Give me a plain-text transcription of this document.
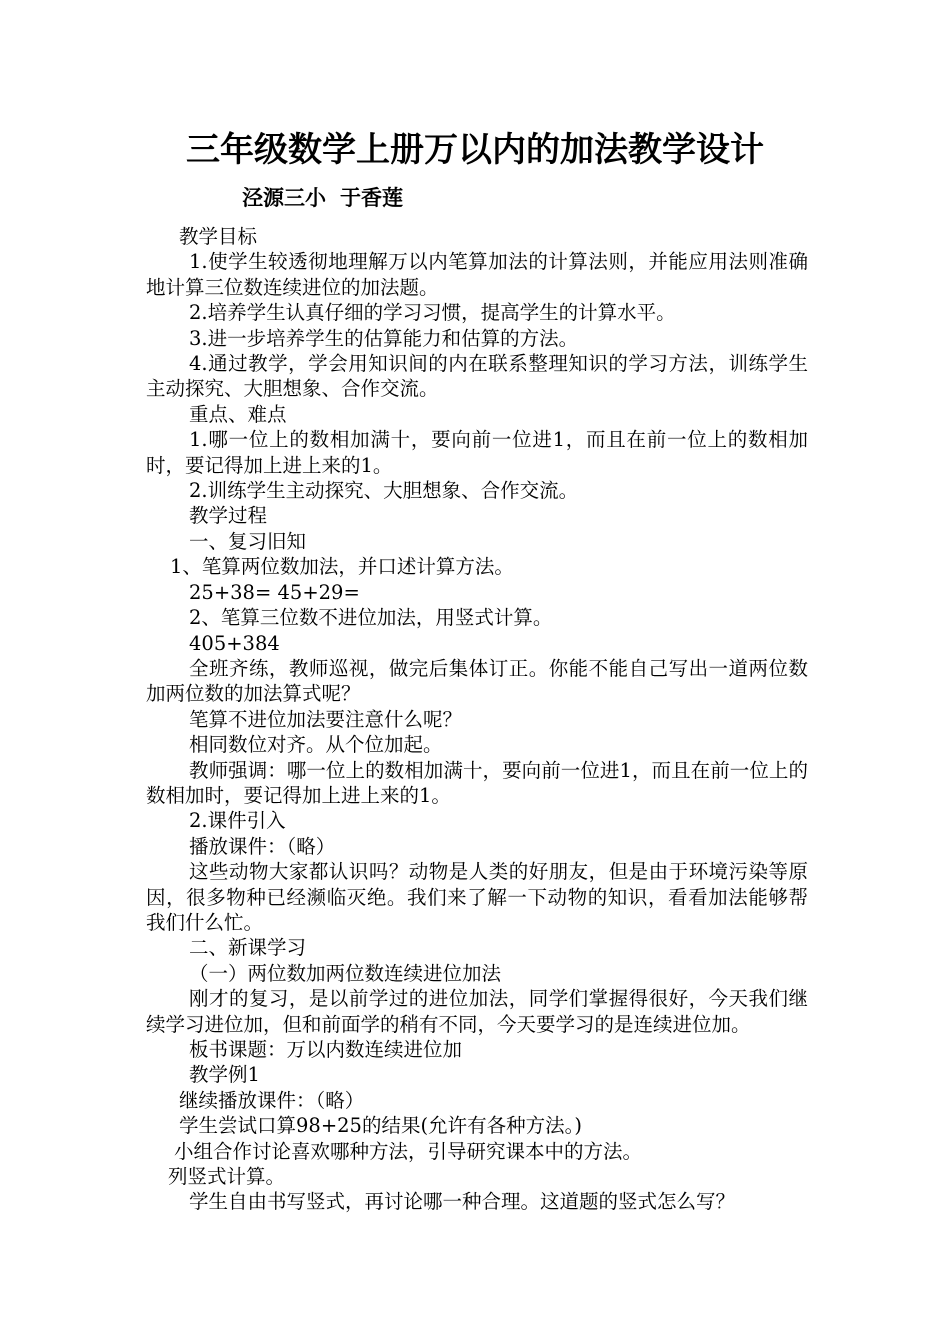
三年级数学上册万以内的加法教学设计
泾源三小 于香莲

教学目标

1.使学生较透彻地理解万以内笔算加法的计算法则，并能应用法则准确地计算三位数连续进位的加法题。

2.培养学生认真仔细的学习习惯，提高学生的计算水平。

3.进一步培养学生的估算能力和估算的方法。

4.通过教学，学会用知识间的内在联系整理知识的学习方法，训练学生主动探究、大胆想象、合作交流。

重点、难点

1.哪一位上的数相加满十，要向前一位进1，而且在前一位上的数相加时，要记得加上进上来的1。

2.训练学生主动探究、大胆想象、合作交流。

教学过程

一、复习旧知

1、笔算两位数加法，并口述计算方法。

25+38= 45+29=

2、笔算三位数不进位加法，用竖式计算。

405+384

全班齐练，教师巡视，做完后集体订正。你能不能自己写出一道两位数加两位数的加法算式呢？

笔算不进位加法要注意什么呢？

相同数位对齐。从个位加起。

教师强调：哪一位上的数相加满十，要向前一位进1，而且在前一位上的数相加时，要记得加上进上来的1。

2.课件引入

播放课件：（略）

这些动物大家都认识吗？动物是人类的好朋友，但是由于环境污染等原因，很多物种已经濒临灭绝。我们来了解一下动物的知识，看看加法能够帮我们什么忙。

二、新课学习

（一）两位数加两位数连续进位加法

刚才的复习，是以前学过的进位加法，同学们掌握得很好，今天我们继续学习进位加，但和前面学的稍有不同，今天要学习的是连续进位加。

板书课题：万以内数连续进位加

教学例1

继续播放课件：（略）

学生尝试口算98+25的结果(允许有各种方法。)

小组合作讨论喜欢哪种方法，引导研究课本中的方法。

列竖式计算。

学生自由书写竖式，再讨论哪一种合理。这道题的竖式怎么写？
